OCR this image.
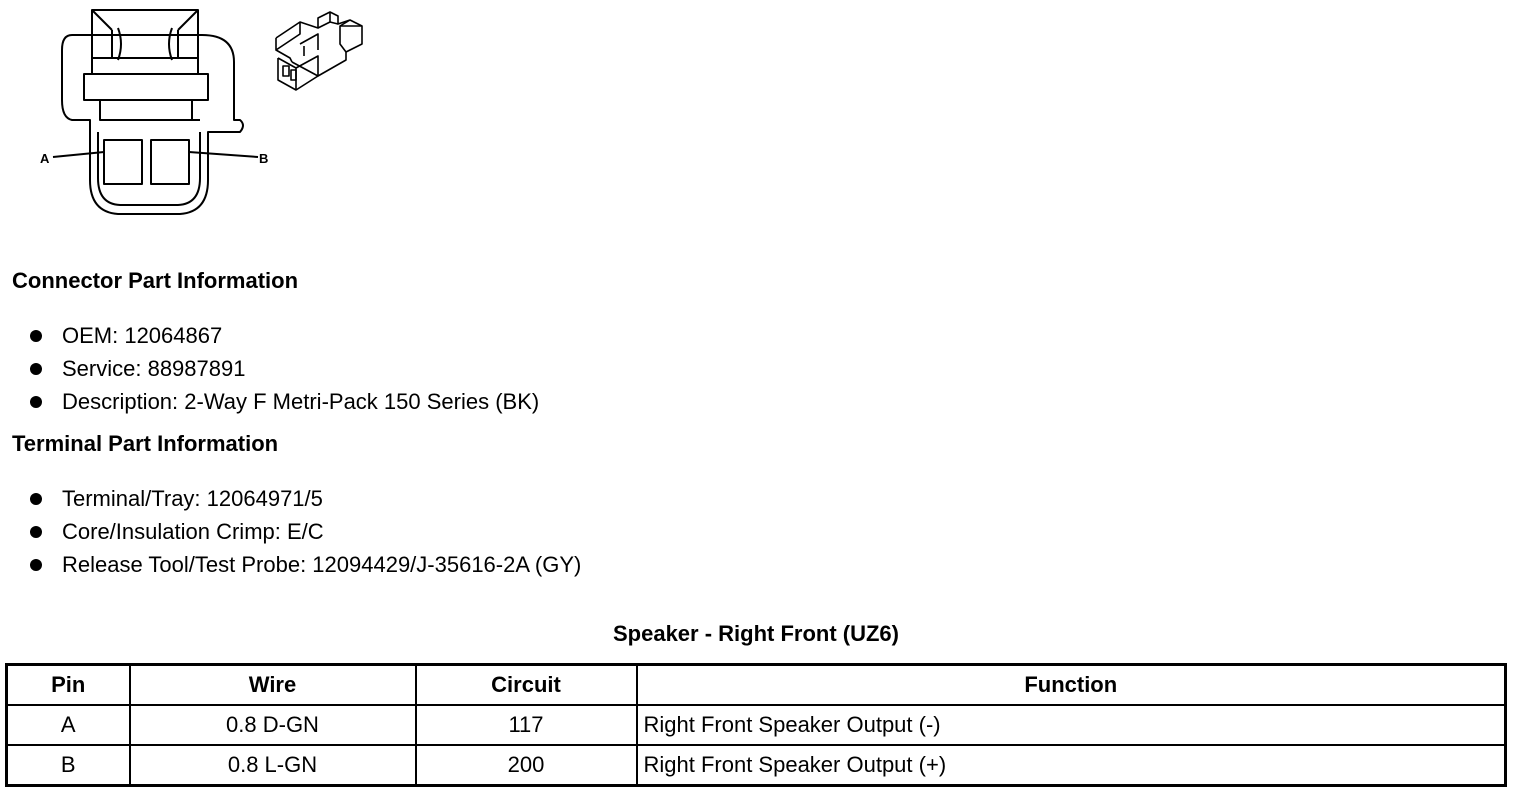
A	B
Connector Part Information
OEM: 12064867
Service: 88987891
Description: 2-Way F Metri-Pack 150 Series (BK)
Terminal Part Information
Terminal/Tray: 12064971/5
Core/Insulation Crimp: E/C
Release Tool/Test Probe: 12094429/J-35616-2A (GY)
Speaker - Right Front (UZ6)
Pin	Wire	Circuit	Function
A	0.8 D-GN	117	Right Front Speaker Output (-)
B	0.8 L-GN	200	Right Front Speaker Output (+)
